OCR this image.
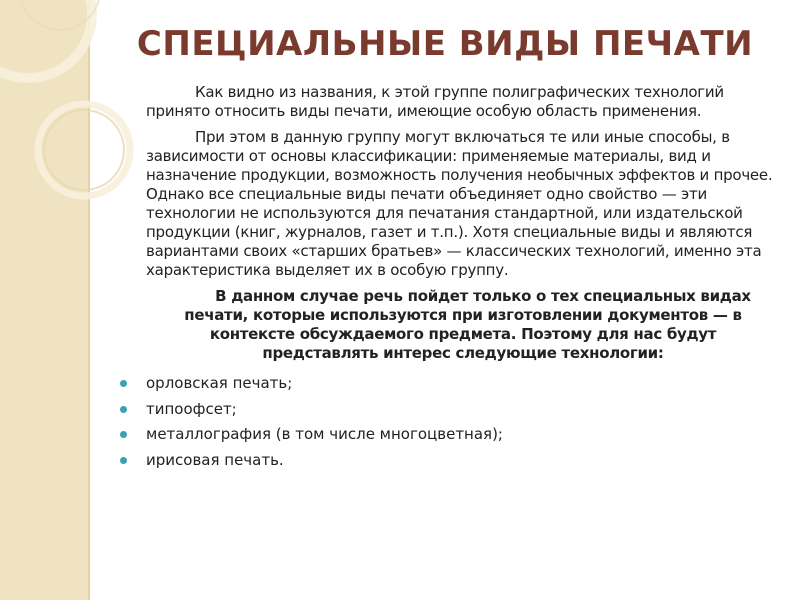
СПЕЦИАЛЬНЫЕ ВИДЫ ПЕЧАТИ

Как видно из названия, к этой группе полиграфических технологий принято относить виды печати, имеющие особую область применения.

При этом в данную группу могут включаться те или иные способы, в зависимости от основы классификации: применяемые материалы, вид и назначение продукции, возможность получения необычных эффектов и прочее. Однако все специальные виды печати объединяет одно свойство — эти технологии не используются для печатания стандартной, или издательской продукции (книг, журналов, газет и т.п.). Хотя специальные виды и являются вариантами своих «старших братьев» — классических технологий, именно эта характеристика выделяет их в особую группу.

В данном случае речь пойдет только о тех специальных видах печати, которые используются при изготовлении документов — в контексте обсуждаемого предмета. Поэтому для нас будут представлять интерес следующие технологии:

орловская печать;
типоофсет;
металлография (в том числе многоцветная);
ирисовая печать.
